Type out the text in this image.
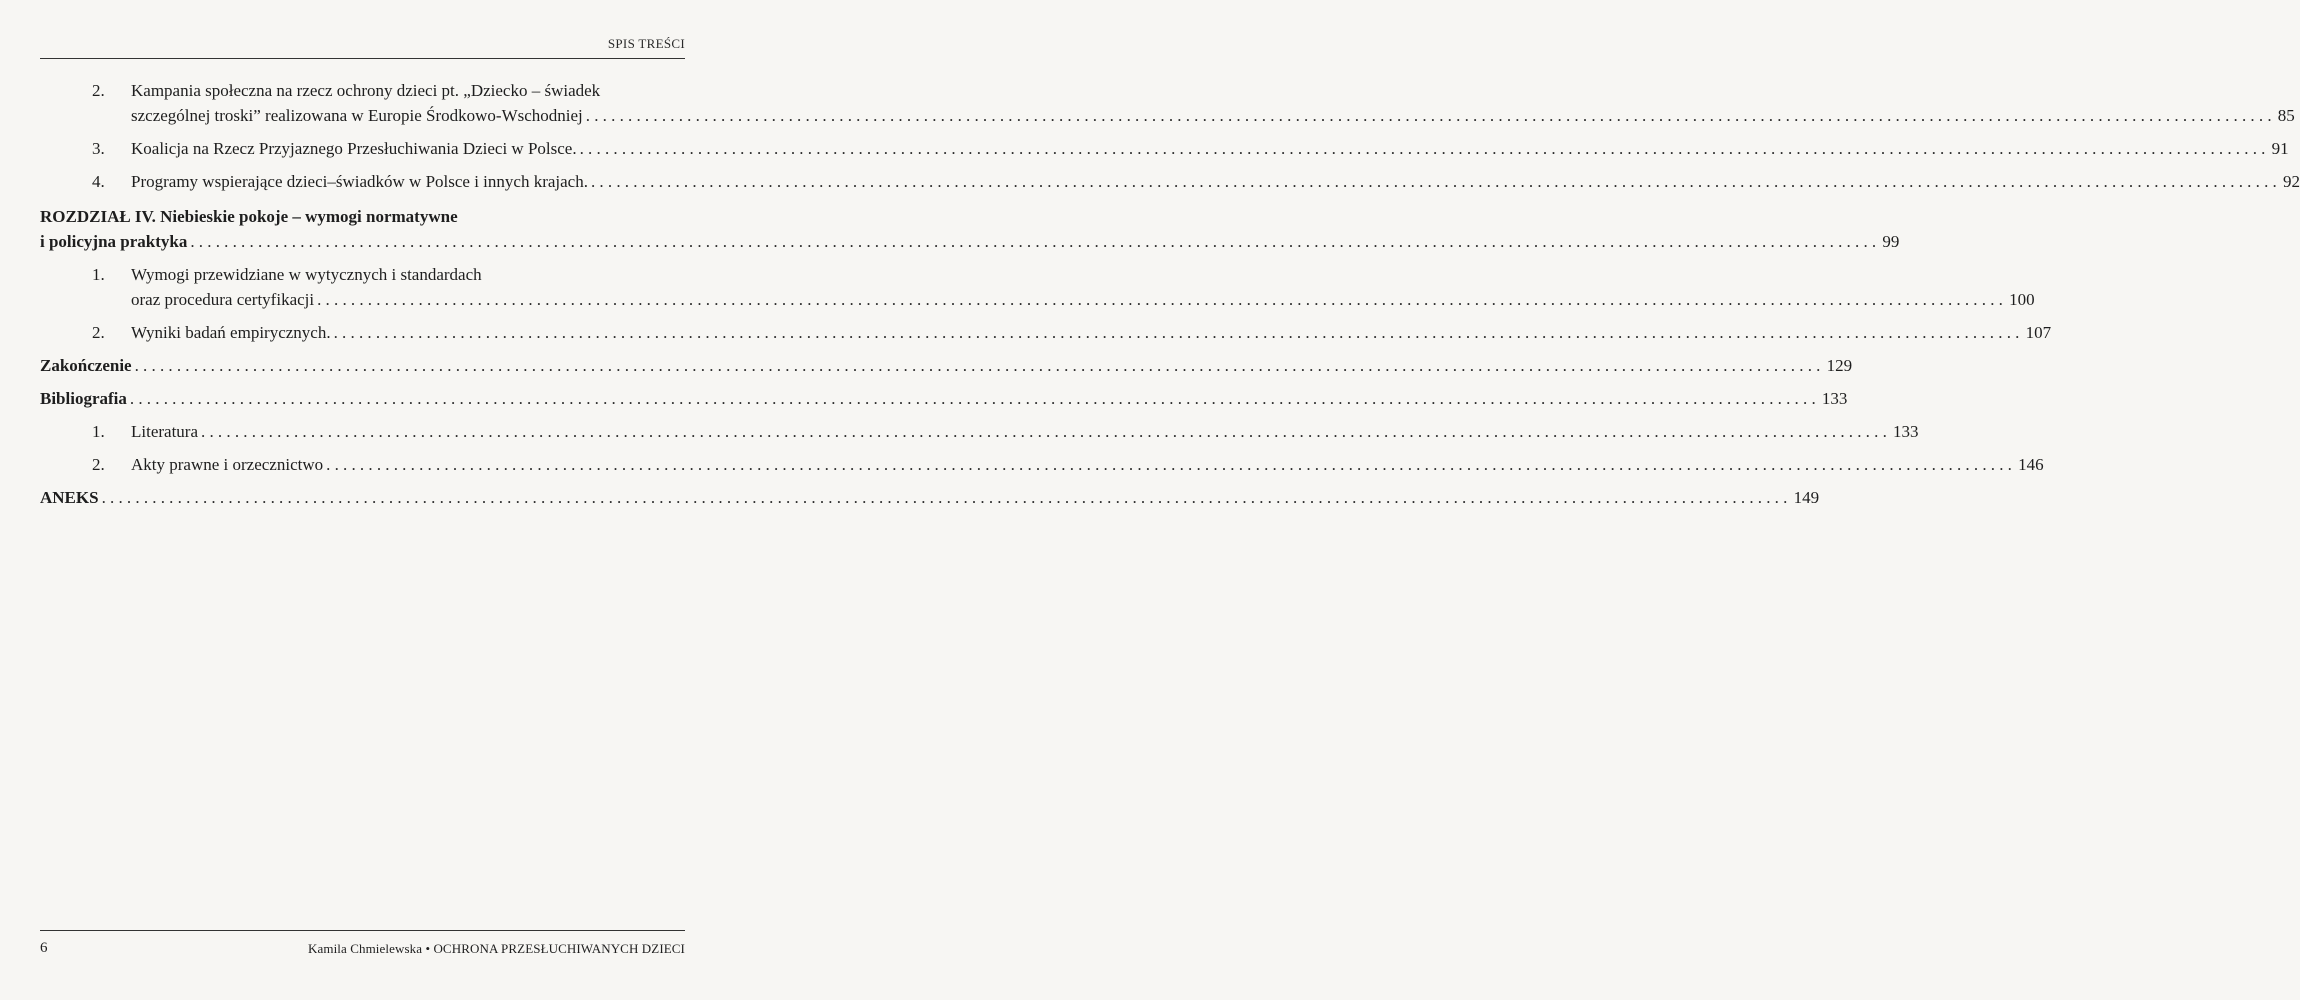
SPIS TREŚCI
2. Kampania społeczna na rzecz ochrony dzieci pt. „Dziecko – świadek
szczególnej troski” realizowana w Europie Środkowo-Wschodniej ........................................................................................................................................................................................................ 85
3. Koalicja na Rzecz Przyjaznego Przesłuchiwania Dzieci w Polsce. ........................................................................................................................................................................................................ 91
4. Programy wspierające dzieci–świadków w Polsce i innych krajach. ........................................................................................................................................................................................................ 92
ROZDZIAŁ IV. Niebieskie pokoje – wymogi normatywne
i policyjna praktyka ........................................................................................................................................................................................................ 99
1. Wymogi przewidziane w wytycznych i standardach
oraz procedura certyfikacji ........................................................................................................................................................................................................ 100
2. Wyniki badań empirycznych. ........................................................................................................................................................................................................ 107
Zakończenie ........................................................................................................................................................................................................ 129
Bibliografia ........................................................................................................................................................................................................ 133
1. Literatura ........................................................................................................................................................................................................ 133
2. Akty prawne i orzecznictwo ........................................................................................................................................................................................................ 146
ANEKS ........................................................................................................................................................................................................ 149
6	Kamila Chmielewska • OCHRONA PRZESŁUCHIWANYCH DZIECI
